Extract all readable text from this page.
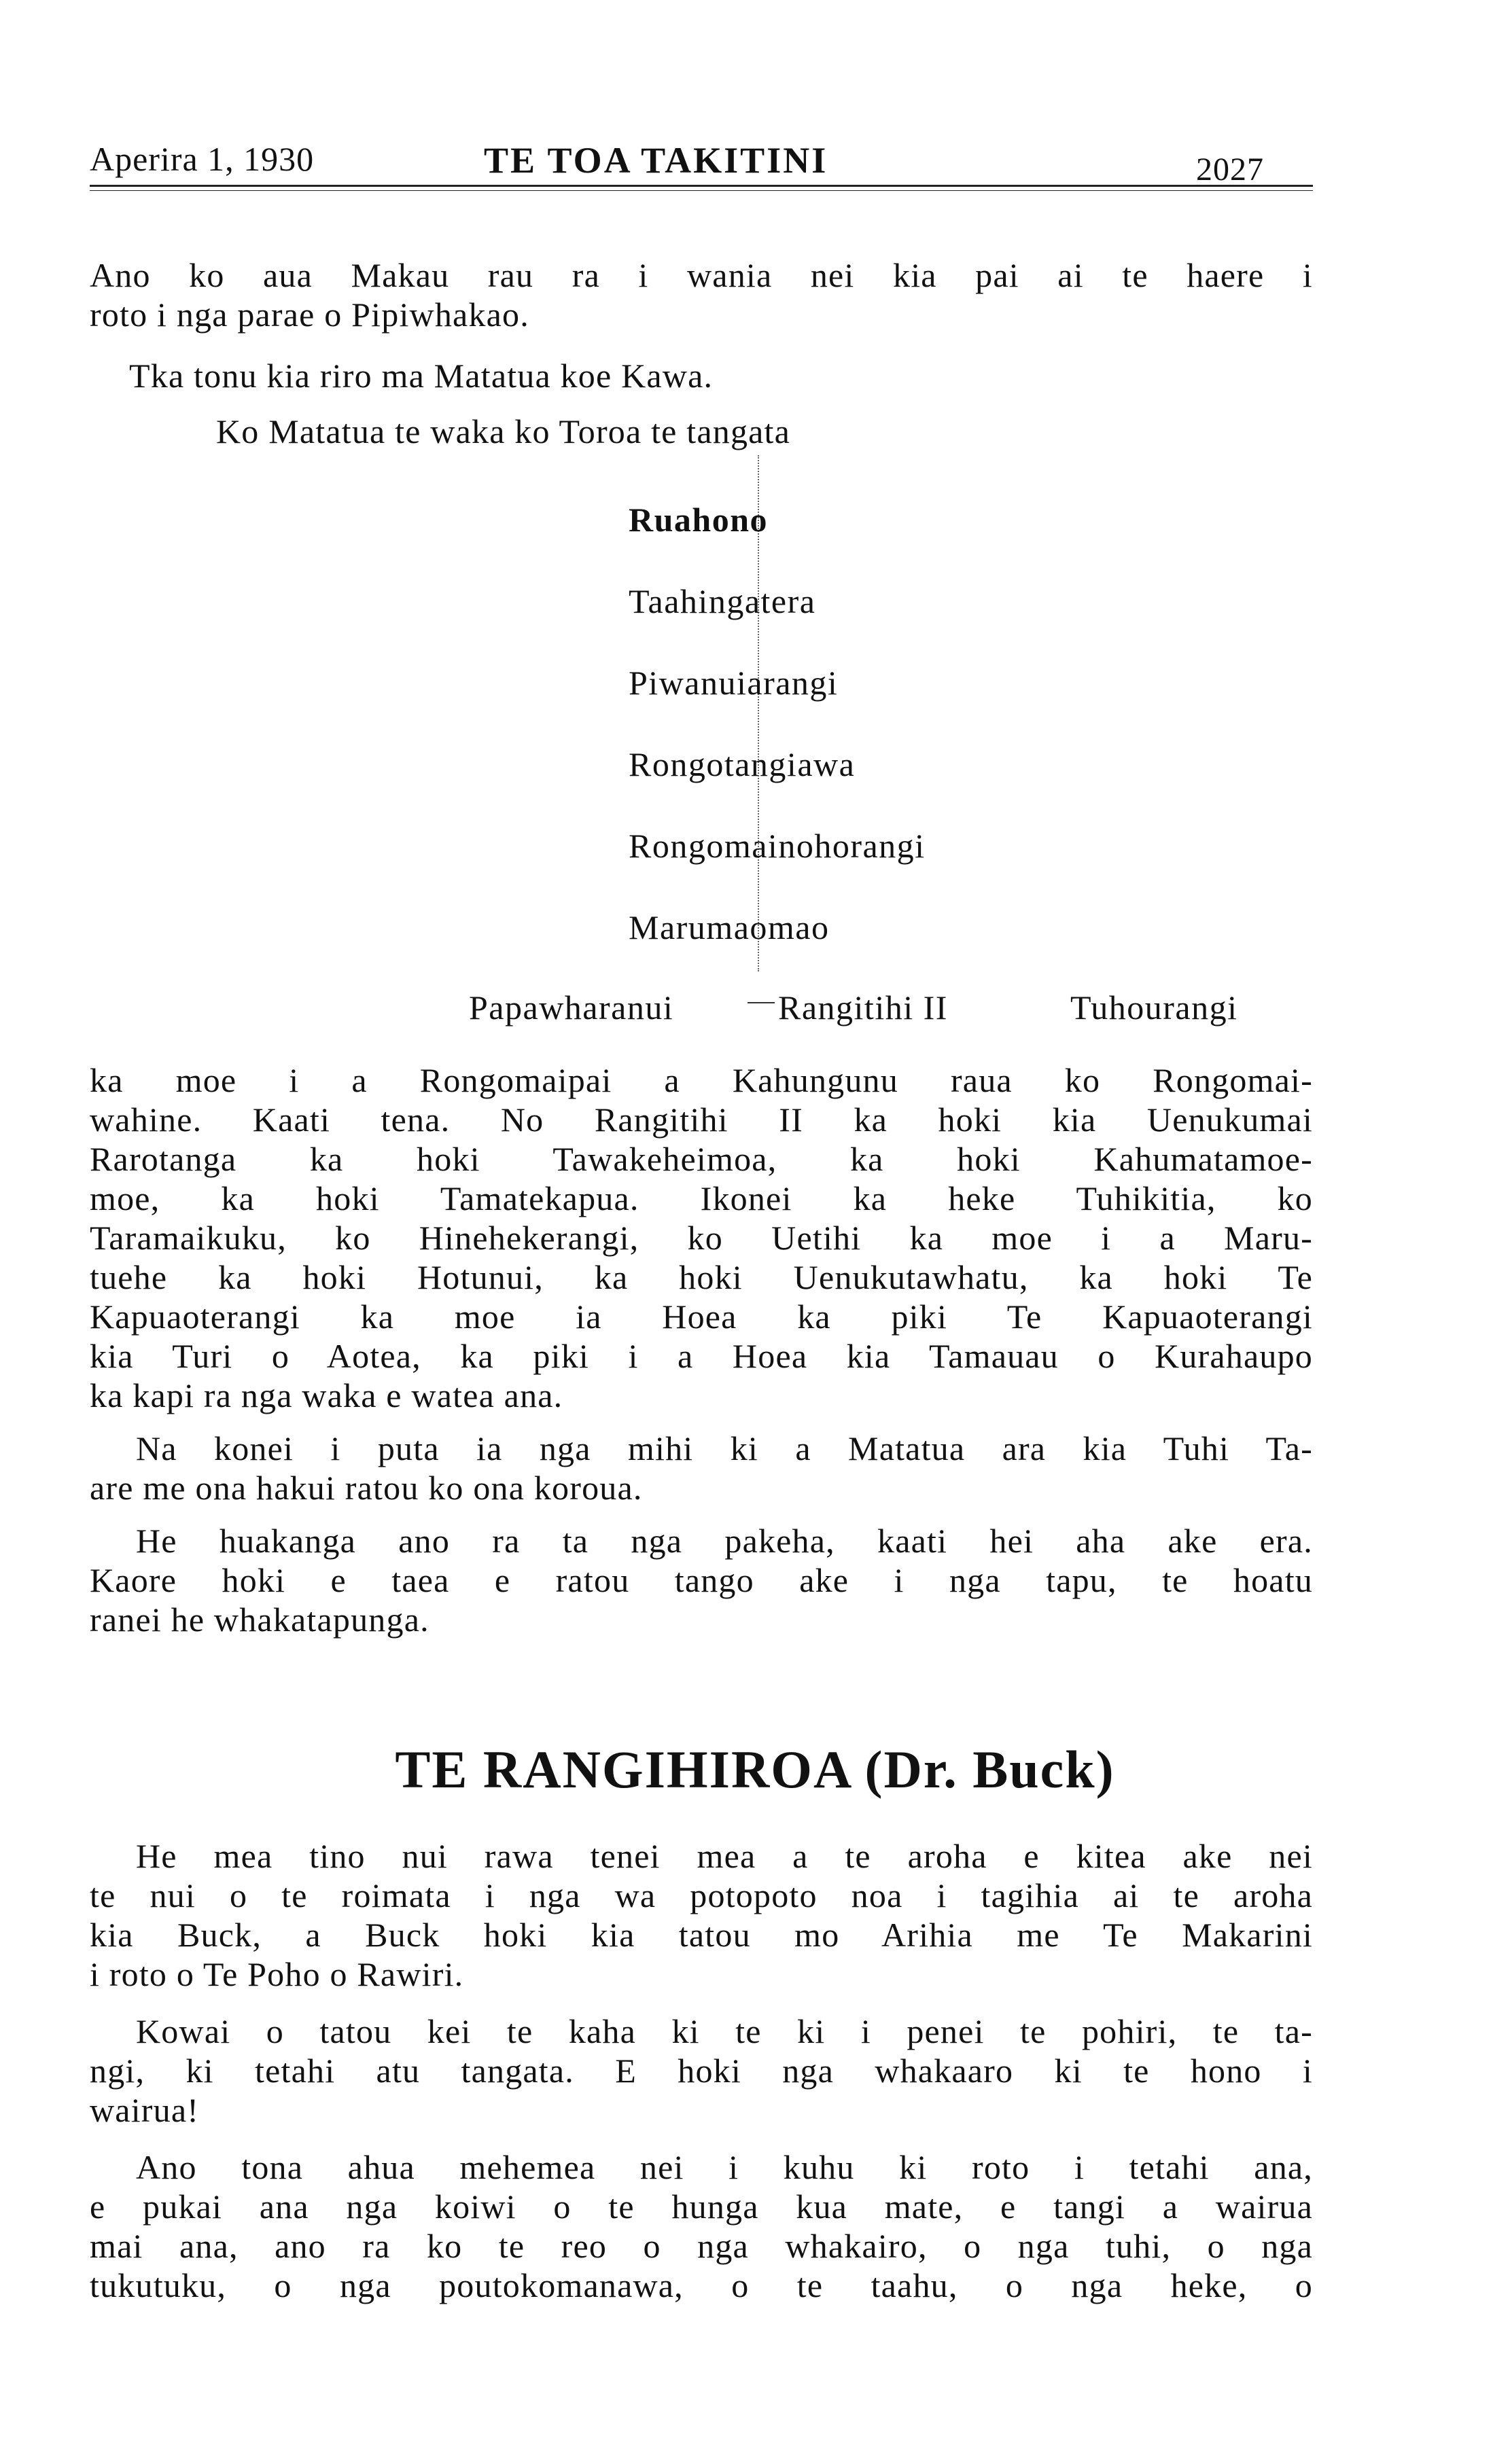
Aperira 1, 1930	TE TOA TAKITINI	2027
Ano ko aua Makau rau ra i wania nei kia pai ai te haere i
roto i nga parae o Pipiwhakao.
Tka tonu kia riro ma Matatua koe Kawa.
Ko Matatua te waka ko Toroa te tangata
Ruahono
Taahingatera
Piwanuiarangi
Rongotangiawa
Rongomainohorangi
Marumaomao
Papawharanui	Rangitihi II	Tuhourangi
ka moe i a Rongomaipai a Kahungunu raua ko Rongomai-
wahine. Kaati tena. No Rangitihi II ka hoki kia Uenukumai
Rarotanga ka hoki Tawakeheimoa, ka hoki Kahumatamoe-
moe, ka hoki Tamatekapua. Ikonei ka heke Tuhikitia, ko
Taramaikuku, ko Hinehekerangi, ko Uetihi ka moe i a Maru-
tuehe ka hoki Hotunui, ka hoki Uenukutawhatu, ka hoki Te
Kapuaoterangi ka moe ia Hoea ka piki Te Kapuaoterangi
kia Turi o Aotea, ka piki i a Hoea kia Tamauau o Kurahaupo
ka kapi ra nga waka e watea ana.
Na konei i puta ia nga mihi ki a Matatua ara kia Tuhi Ta-
are me ona hakui ratou ko ona koroua.
He huakanga ano ra ta nga pakeha, kaati hei aha ake era.
Kaore hoki e taea e ratou tango ake i nga tapu, te hoatu
ranei he whakatapunga.
TE RANGIHIROA (Dr. Buck)
He mea tino nui rawa tenei mea a te aroha e kitea ake nei
te nui o te roimata i nga wa potopoto noa i tagihia ai te aroha
kia Buck, a Buck hoki kia tatou mo Arihia me Te Makarini
i roto o Te Poho o Rawiri.
Kowai o tatou kei te kaha ki te ki i penei te pohiri, te ta-
ngi, ki tetahi atu tangata. E hoki nga whakaaro ki te hono i
wairua!
Ano tona ahua mehemea nei i kuhu ki roto i tetahi ana,
e pukai ana nga koiwi o te hunga kua mate, e tangi a wairua
mai ana, ano ra ko te reo o nga whakairo, o nga tuhi, o nga
tukutuku, o nga poutokomanawa, o te taahu, o nga heke, o
